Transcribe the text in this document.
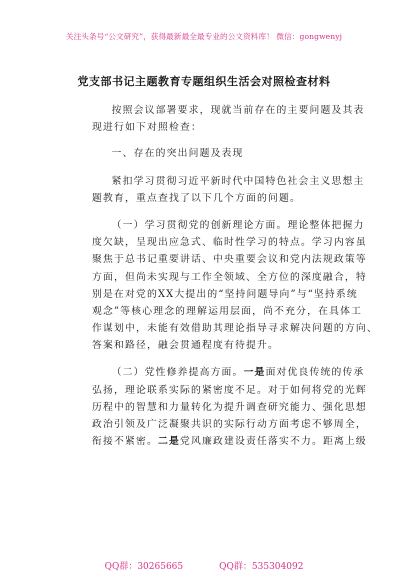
关注头条号“公文研究”，获得最新最全最专业的公文资料库！ 微信：gongwenyj
党支部书记主题教育专题组织生活会对照检查材料
按照会议部署要求，现就当前存在的主要问题及其表
现进行如下对照检查：
一、存在的突出问题及表现
紧扣学习贯彻习近平新时代中国特色社会主义思想主
题教育，重点查找了以下几个方面的问题。
（一）学习贯彻党的创新理论方面。理论整体把握力
度欠缺，呈现出应急式、临时性学习的特点。学习内容虽
聚焦于总书记重要讲话、中央重要会议和党内法规政策等
方面，但尚未实现与工作全领域、全方位的深度融合，特
别是在对党的XX大提出的“坚持问题导向”与“坚持系统
观念”等核心理念的理解运用层面，尚不充分，在具体工
作谋划中，未能有效借助其理论指导寻求解决问题的方向、
答案和路径，融会贯通程度有待提升。
（二）党性修养提高方面。一是面对优良传统的传承
弘扬，理论联系实际的紧密度不足。对于如何将党的光辉
历程中的智慧和力量转化为提升调查研究能力、强化思想
政治引领及广泛凝聚共识的实际行动方面考虑不够周全，
衔接不紧密。二是党风廉政建设责任落实不力。距离上级
QQ群：30265665	QQ群：535304092
